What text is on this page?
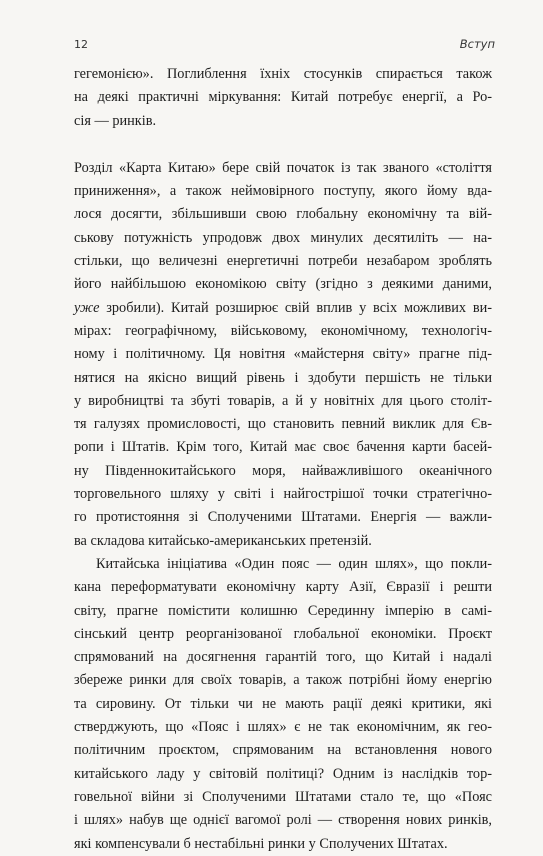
12	Вступ
гегемонією». Поглиблення їхніх стосунків спирається також
на деякі практичні міркування: Китай потребує енергії, а Ро-
сія — ринків.
Розділ «Карта Китаю» бере свій початок із так званого «століття
приниження», а також неймовірного поступу, якого йому вда-
лося досягти, збільшивши свою глобальну економічну та вій-
ськову потужність упродовж двох минулих десятиліть — на-
стільки, що величезні енергетичні потреби незабаром зроблять
його найбільшою економікою світу (згідно з деякими даними,
уже зробили). Китай розширює свій вплив у всіх можливих ви-
мірах: географічному, військовому, економічному, технологіч-
ному і політичному. Ця новітня «майстерня світу» прагне під-
нятися на якісно вищий рівень і здобути першість не тільки
у виробництві та збуті товарів, а й у новітніх для цього століт-
тя галузях промисловості, що становить певний виклик для Єв-
ропи і Штатів. Крім того, Китай має своє бачення карти басей-
ну Південнокитайського моря, найважливішого океанічного
торговельного шляху у світі і найгострішої точки стратегічно-
го протистояння зі Сполученими Штатами. Енергія — важли-
ва складова китайсько-американських претензій.
Китайська ініціатива «Один пояс — один шлях», що покли-
кана переформатувати економічну карту Азії, Євразії і решти
світу, прагне помістити колишню Серединну імперію в самі-
сінський центр реорганізованої глобальної економіки. Проєкт
спрямований на досягнення гарантій того, що Китай і надалі
збереже ринки для своїх товарів, а також потрібні йому енергію
та сировину. От тільки чи не мають рації деякі критики, які
стверджують, що «Пояс і шлях» є не так економічним, як гео-
політичним проєктом, спрямованим на встановлення нового
китайського ладу у світовій політиці? Одним із наслідків тор-
говельної війни зі Сполученими Штатами стало те, що «Пояс
і шлях» набув ще однієї вагомої ролі — створення нових ринків,
які компенсували б нестабільні ринки у Сполучених Штатах.
